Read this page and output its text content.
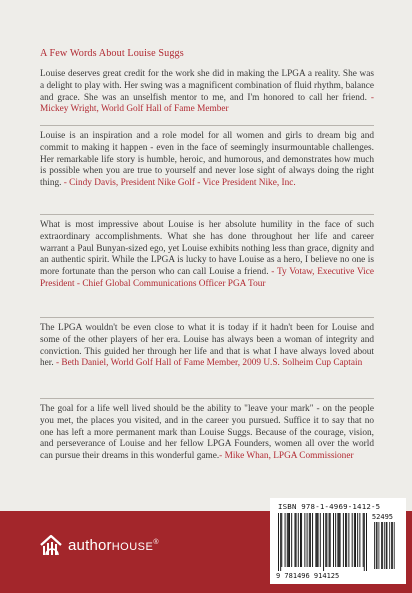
A Few Words About Louise Suggs

Louise deserves great credit for the work she did in making the LPGA a reality. She was a delight to play with. Her swing was a magnificent combination of fluid rhythm, balance and grace. She was an unselfish mentor to me, and I'm honored to call her friend. - Mickey Wright, World Golf Hall of Fame Member

Louise is an inspiration and a role model for all women and girls to dream big and commit to making it happen - even in the face of seemingly insurmountable challenges. Her remarkable life story is humble, heroic, and humorous, and demonstrates how much is possible when you are true to yourself and never lose sight of always doing the right thing. - Cindy Davis, President Nike Golf - Vice President Nike, Inc.

What is most impressive about Louise is her absolute humility in the face of such extraordinary accomplishments. What she has done throughout her life and career warrant a Paul Bunyan-sized ego, yet Louise exhibits nothing less than grace, dignity and an authentic spirit. While the LPGA is lucky to have Louise as a hero, I believe no one is more fortunate than the person who can call Louise a friend. - Ty Votaw, Executive Vice President - Chief Global Communications Officer PGA Tour

The LPGA wouldn't be even close to what it is today if it hadn't been for Louise and some of the other players of her era. Louise has always been a woman of integrity and conviction. This guided her through her life and that is what I have always loved about her. - Beth Daniel, World Golf Hall of Fame Member, 2009 U.S. Solheim Cup Captain

The goal for a life well lived should be the ability to "leave your mark" - on the people you met, the places you visited, and in the career you pursued. Suffice it to say that no one has left a more permanent mark than Louise Suggs. Because of the courage, vision, and perseverance of Louise and her fellow LPGA Founders, women all over the world can pursue their dreams in this wonderful game.- Mike Whan, LPGA Commissioner

authorHOUSE®
ISBN 978-1-4969-1412-5
52495
9 781496 914125
